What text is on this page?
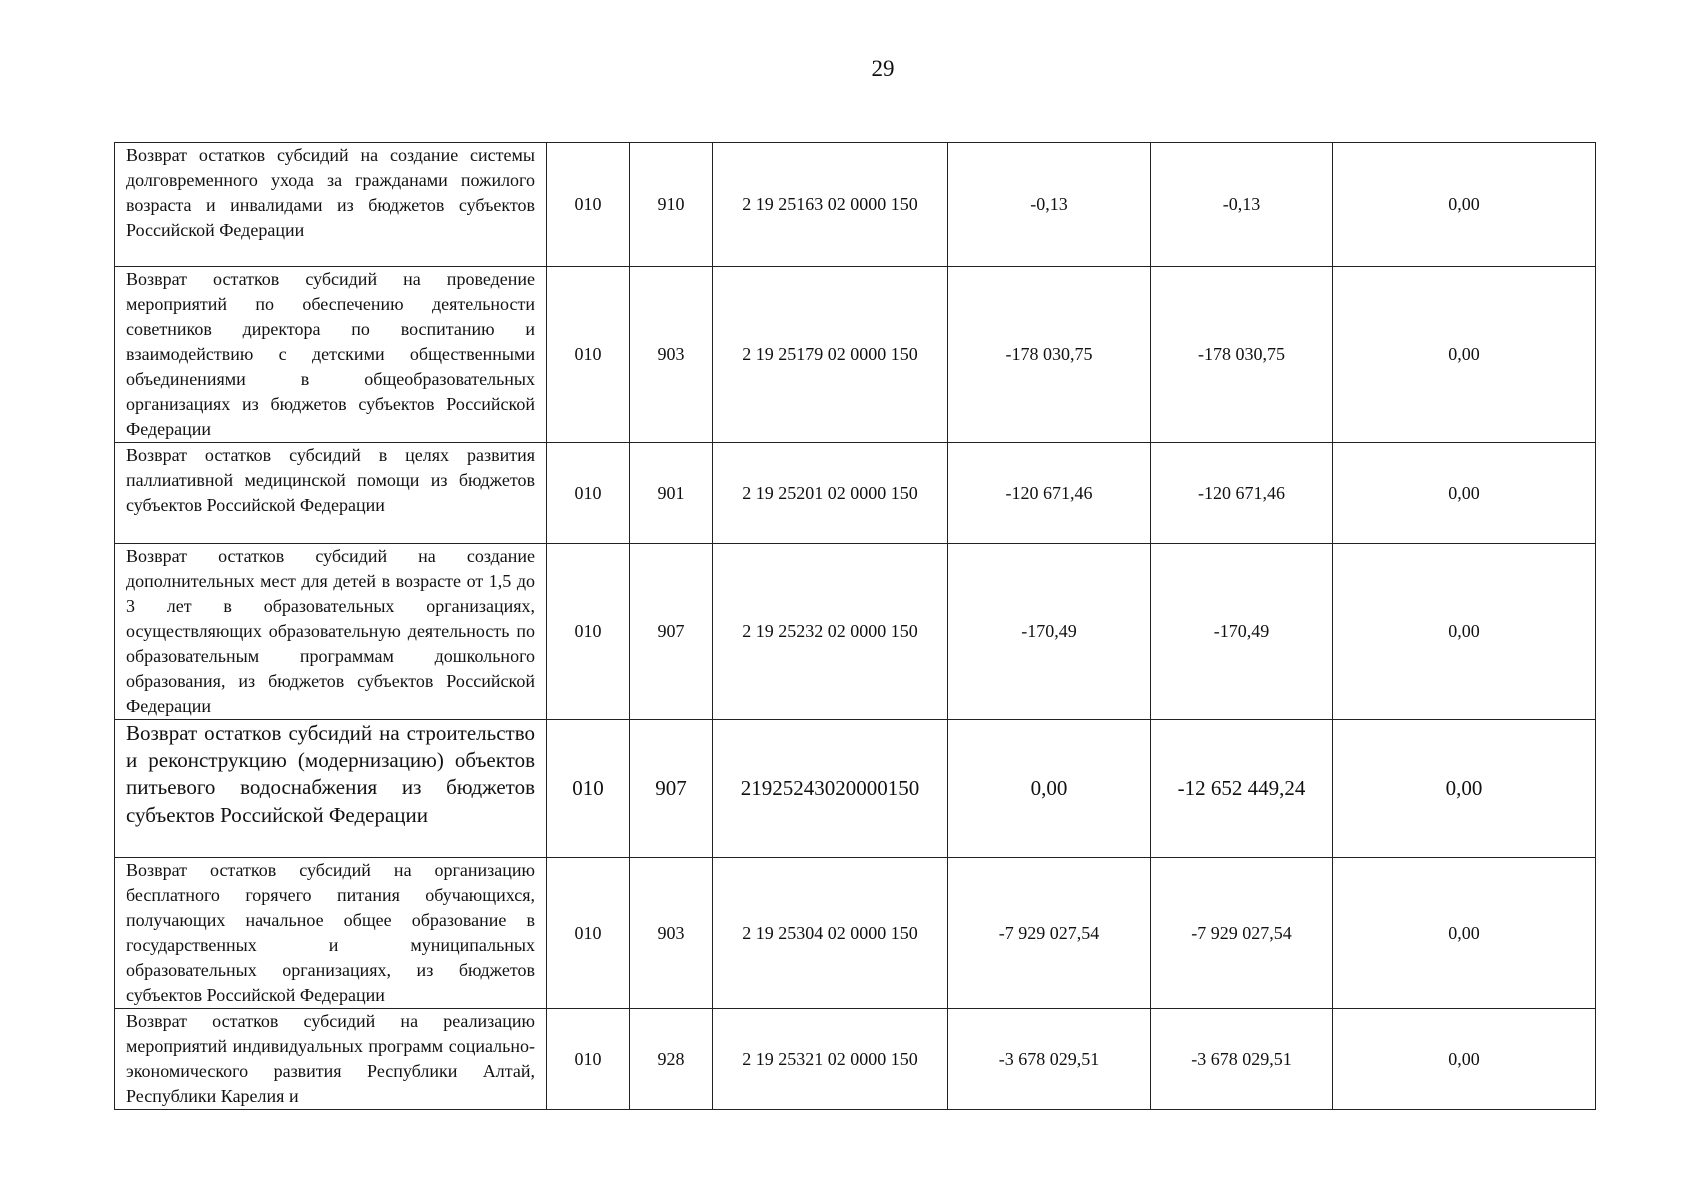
29
Возврат остатков субсидий на создание системы долговременного ухода за гражданами пожилого возраста и инвалидами из бюджетов субъектов Российской Федерации	010	910	2 19 25163 02 0000 150	-0,13	-0,13	0,00
Возврат остатков субсидий на проведение мероприятий по обеспечению деятельности советников директора по воспитанию и взаимодействию с детскими общественными объединениями в общеобразовательных организациях из бюджетов субъектов Российской Федерации	010	903	2 19 25179 02 0000 150	-178 030,75	-178 030,75	0,00
Возврат остатков субсидий в целях развития паллиативной медицинской помощи из бюджетов субъектов Российской Федерации	010	901	2 19 25201 02 0000 150	-120 671,46	-120 671,46	0,00
Возврат остатков субсидий на создание дополнительных мест для детей в возрасте от 1,5 до 3 лет в образовательных организациях, осуществляющих образовательную деятельность по образовательным программам дошкольного образования, из бюджетов субъектов Российской Федерации	010	907	2 19 25232 02 0000 150	-170,49	-170,49	0,00
Возврат остатков субсидий на строительство и реконструкцию (модернизацию) объектов питьевого водоснабжения из бюджетов субъектов Российской Федерации	010	907	21925243020000150	0,00	-12 652 449,24	0,00
Возврат остатков субсидий на организацию бесплатного горячего питания обучающихся, получающих начальное общее образование в государственных и муниципальных образовательных организациях, из бюджетов субъектов Российской Федерации	010	903	2 19 25304 02 0000 150	-7 929 027,54	-7 929 027,54	0,00
Возврат остатков субсидий на реализацию мероприятий индивидуальных программ социально-экономического развития Республики Алтай, Республики Карелия и	010	928	2 19 25321 02 0000 150	-3 678 029,51	-3 678 029,51	0,00
